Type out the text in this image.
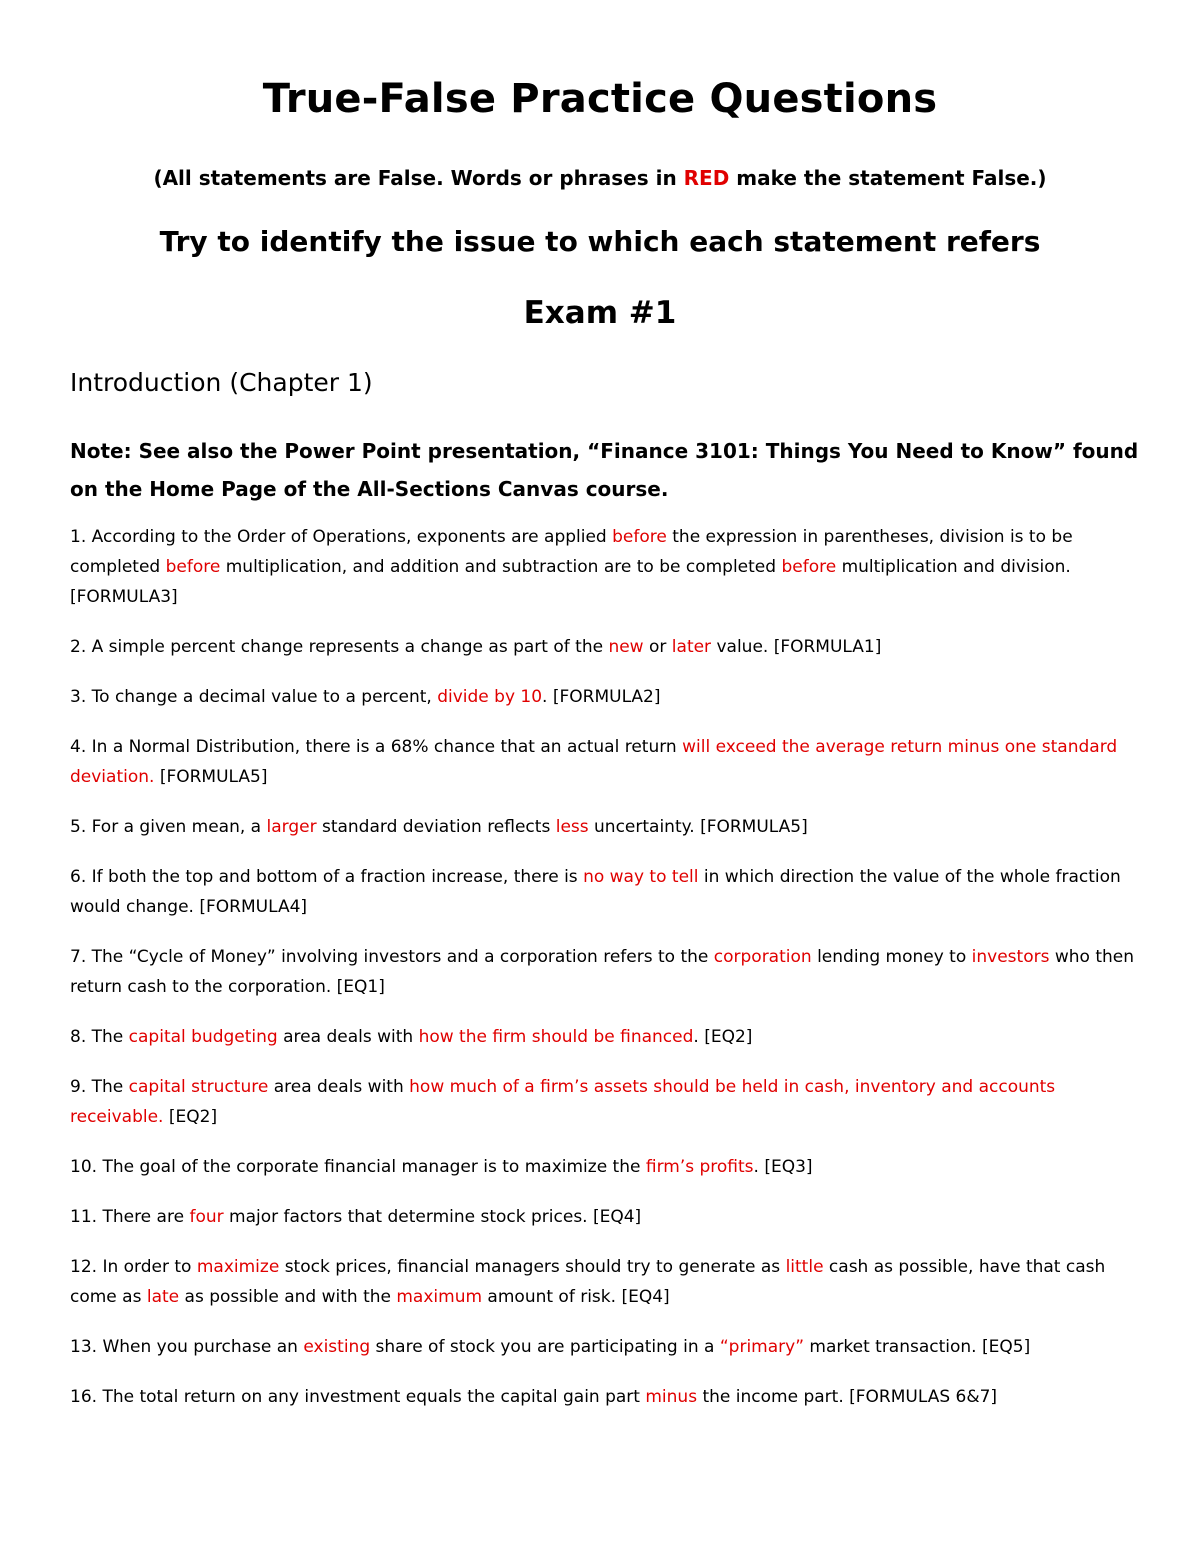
True-False Practice Questions
(All statements are False. Words or phrases in RED make the statement False.)
Try to identify the issue to which each statement refers
Exam #1
Introduction (Chapter 1)
Note: See also the Power Point presentation, “Finance 3101: Things You Need to Know” found on the Home Page of the All-Sections Canvas course.
1. According to the Order of Operations, exponents are applied before the expression in parentheses, division is to be completed before multiplication, and addition and subtraction are to be completed before multiplication and division. [FORMULA3]
2. A simple percent change represents a change as part of the new or later value. [FORMULA1]
3. To change a decimal value to a percent, divide by 10. [FORMULA2]
4. In a Normal Distribution, there is a 68% chance that an actual return will exceed the average return minus one standard deviation. [FORMULA5]
5. For a given mean, a larger standard deviation reflects less uncertainty. [FORMULA5]
6. If both the top and bottom of a fraction increase, there is no way to tell in which direction the value of the whole fraction would change. [FORMULA4]
7. The “Cycle of Money” involving investors and a corporation refers to the corporation lending money to investors who then return cash to the corporation. [EQ1]
8. The capital budgeting area deals with how the firm should be financed. [EQ2]
9. The capital structure area deals with how much of a firm’s assets should be held in cash, inventory and accounts receivable. [EQ2]
10. The goal of the corporate financial manager is to maximize the firm’s profits. [EQ3]
11. There are four major factors that determine stock prices. [EQ4]
12. In order to maximize stock prices, financial managers should try to generate as little cash as possible, have that cash come as late as possible and with the maximum amount of risk. [EQ4]
13. When you purchase an existing share of stock you are participating in a “primary” market transaction. [EQ5]
16. The total return on any investment equals the capital gain part minus the income part. [FORMULAS 6&7]
